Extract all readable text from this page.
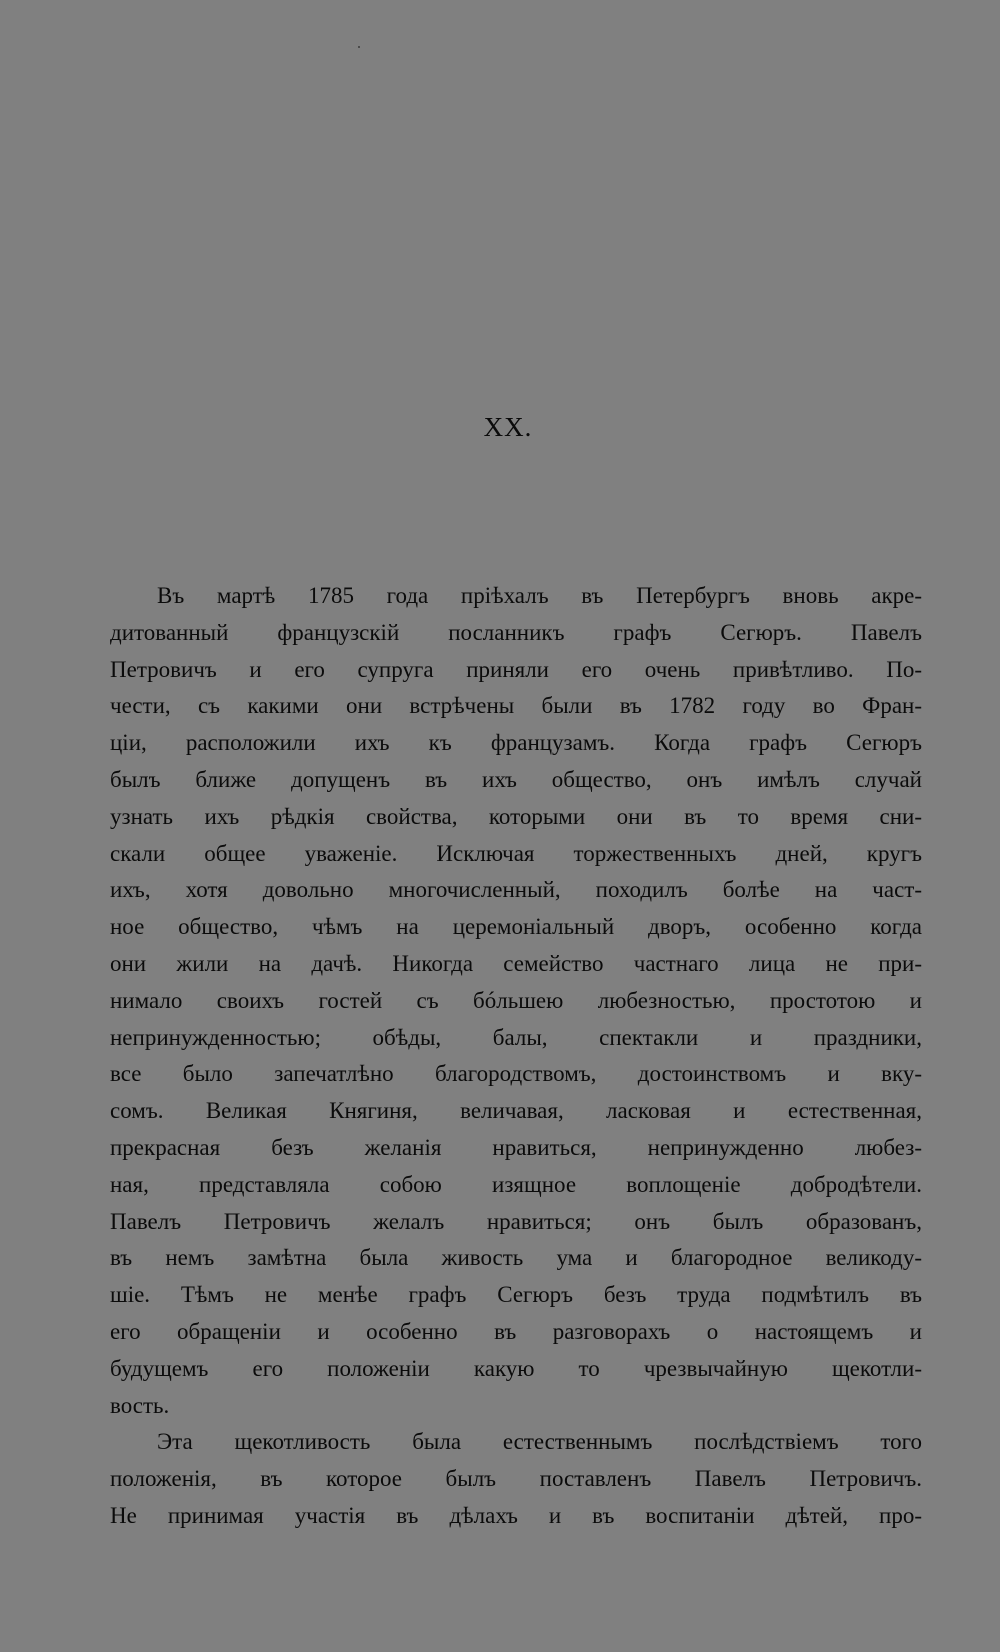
XX.
Въ мартѣ 1785 года пріѣхалъ въ Петербургъ вновь акре-
дитованный французскій посланникъ графъ Сегюръ. Павелъ
Петровичъ и его супруга приняли его очень привѣтливо. По-
чести, съ какими они встрѣчены были въ 1782 году во Фран-
ціи, расположили ихъ къ французамъ. Когда графъ Сегюръ
былъ ближе допущенъ въ ихъ общество, онъ имѣлъ случай
узнать ихъ рѣдкія свойства, которыми они въ то время сни-
скали общее уваженіе. Исключая торжественныхъ дней, кругъ
ихъ, хотя довольно многочисленный, походилъ болѣе на част-
ное общество, чѣмъ на церемоніальный дворъ, особенно когда
они жили на дачѣ. Никогда семейство частнаго лица не при-
нимало своихъ гостей съ бóльшею любезностью, простотою и
непринужденностью; обѣды, балы, спектакли и праздники,
все было запечатлѣно благородствомъ, достоинствомъ и вку-
сомъ. Великая Княгиня, величавая, ласковая и естественная,
прекрасная безъ желанія нравиться, непринужденно любез-
ная, представляла собою изящное воплощеніе добродѣтели.
Павелъ Петровичъ желалъ нравиться; онъ былъ образованъ,
въ немъ замѣтна была живость ума и благородное великоду-
шіе. Тѣмъ не менѣе графъ Сегюръ безъ труда подмѣтилъ въ
его обращеніи и особенно въ разговорахъ о настоящемъ и
будущемъ его положеніи какую то чрезвычайную щекотли-
вость.
Эта щекотливость была естественнымъ послѣдствіемъ того
положенія, въ которое былъ поставленъ Павелъ Петровичъ.
Не принимая участія въ дѣлахъ и въ воспитаніи дѣтей, про-
